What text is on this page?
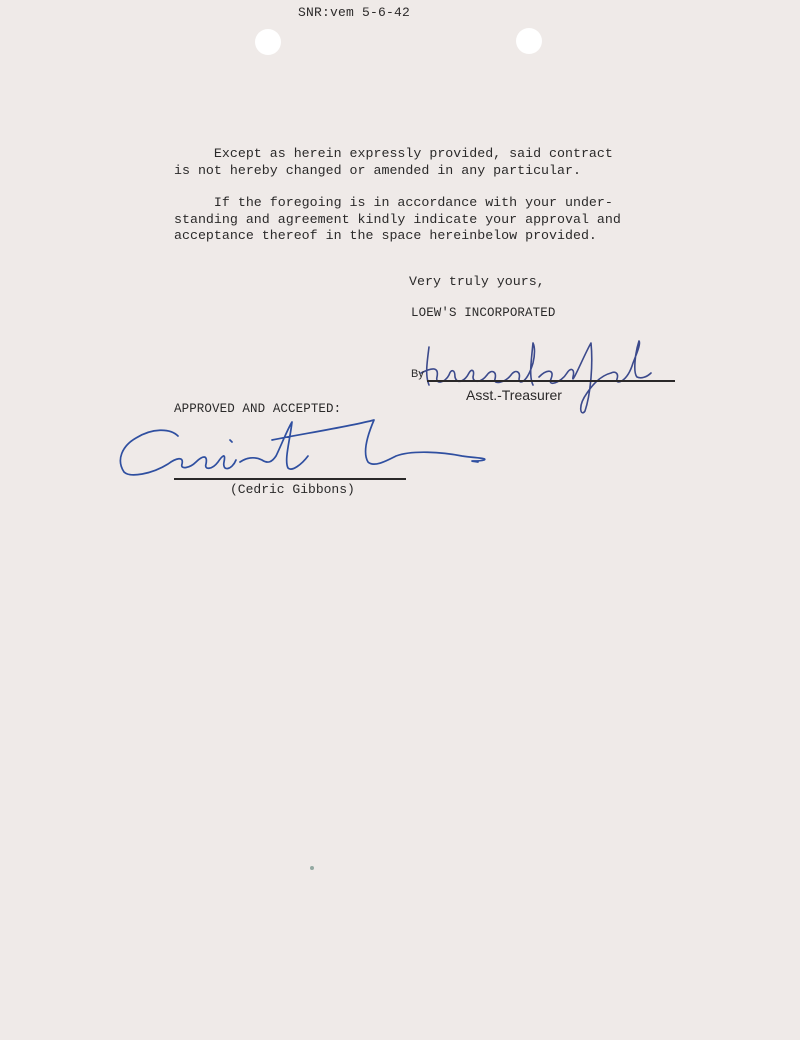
SNR:vem 5-6-42
Except as herein expressly provided, said contract
is not hereby changed or amended in any particular.
If the foregoing is in accordance with your under-
standing and agreement kindly indicate your approval and
acceptance thereof in the space hereinbelow provided.
Very truly yours,
LOEW'S INCORPORATED
By
Asst.-Treasurer
APPROVED AND ACCEPTED:
(Cedric Gibbons)
